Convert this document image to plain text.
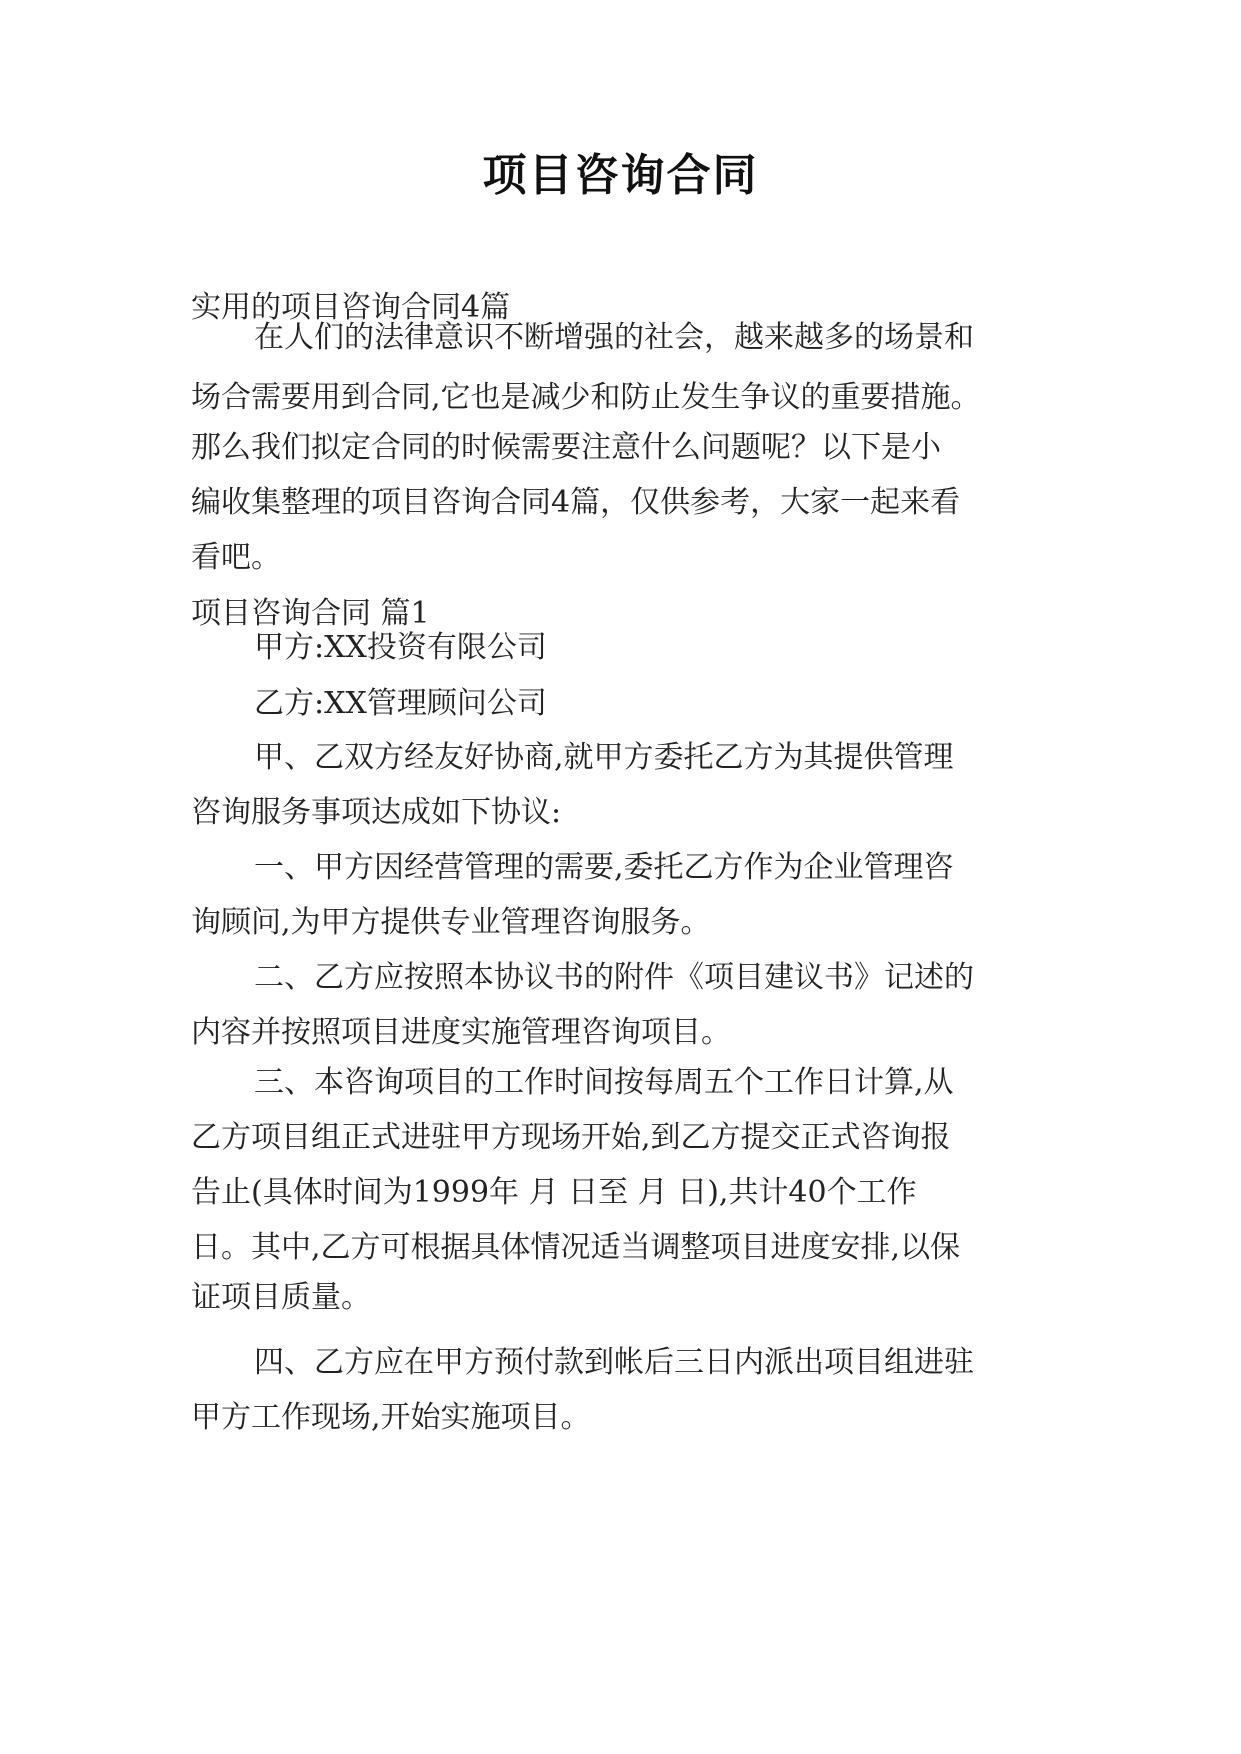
项目咨询合同

实用的项目咨询合同4篇

在人们的法律意识不断增强的社会，越来越多的场景和

场合需要用到合同,它也是减少和防止发生争议的重要措施。

那么我们拟定合同的时候需要注意什么问题呢？以下是小

编收集整理的项目咨询合同4篇，仅供参考，大家一起来看

看吧。

项目咨询合同 篇1

甲方:XX投资有限公司

乙方:XX管理顾问公司

甲、乙双方经友好协商,就甲方委托乙方为其提供管理

咨询服务事项达成如下协议:

一、甲方因经营管理的需要,委托乙方作为企业管理咨

询顾问,为甲方提供专业管理咨询服务。

二、乙方应按照本协议书的附件《项目建议书》记述的

内容并按照项目进度实施管理咨询项目。

三、本咨询项目的工作时间按每周五个工作日计算,从

乙方项目组正式进驻甲方现场开始,到乙方提交正式咨询报

告止(具体时间为1999年 月 日至 月 日),共计40个工作

日。其中,乙方可根据具体情况适当调整项目进度安排,以保

证项目质量。

四、乙方应在甲方预付款到帐后三日内派出项目组进驻

甲方工作现场,开始实施项目。
